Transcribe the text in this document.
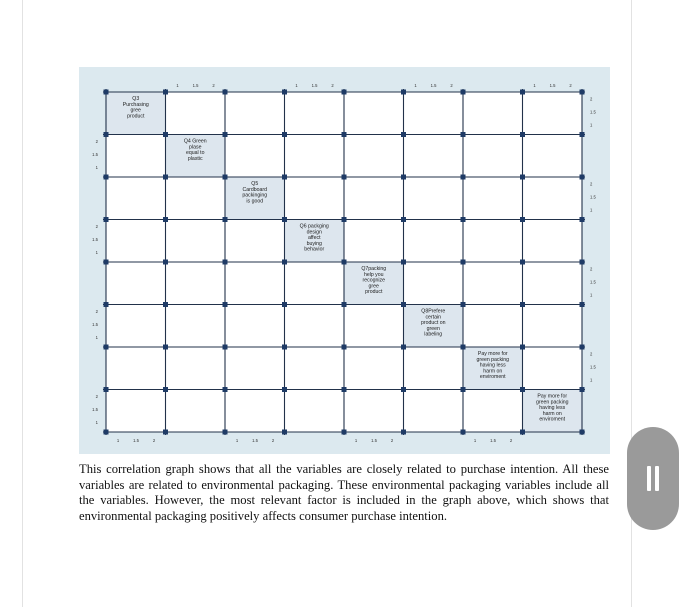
Q3
Purchasing
gree
product
Q4 Green
plase
equal to
plastic
Q5
Cardboard
packinging
is good
Q6 packging
design
affect
buying
behavior
Q7packing
help you
recognize
gree
product
Q8Prefere
certain
product on
green
labeling
Pay more for
green packing
having less
harm on
enviroment
Pay more for
green packing
having less
harm on
enviroment
1	1.5	2
1
1.5
2
1	1.5	2
1
1.5
2
1	1.5	2
1
1.5
2
1	1.5	2
1
1.5
2
1	1.5	2
1
1.5
2
1	1.5	2
1
1.5
2
1	1.5	2
1
1.5
2
1	1.5	2
1
1.5
2

This correlation graph shows that all the variables are closely related to purchase intention. All these variables are related to environmental packaging. These environmental packaging variables include all the variables. However, the most relevant factor is included in the graph above, which shows that environmental packaging positively affects consumer purchase intention.
